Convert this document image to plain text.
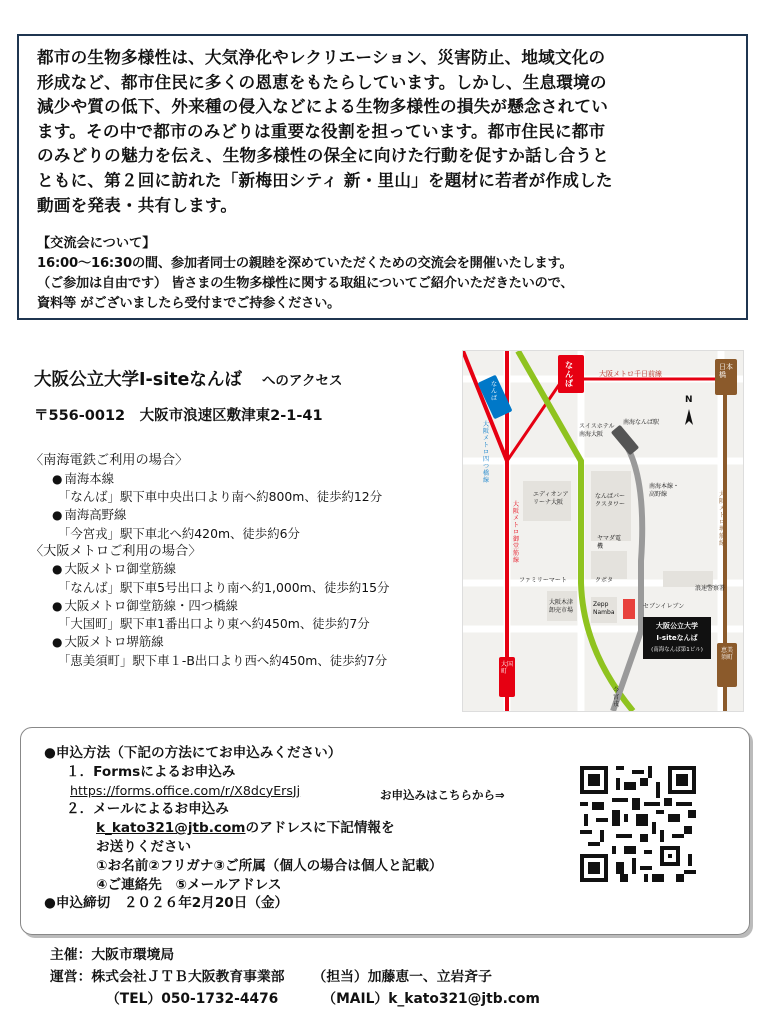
都市の生物多様性は、大気浄化やレクリエーション、災害防止、地域文化の

形成など、都市住民に多くの恩恵をもたらしています。しかし、生息環境の

減少や質の低下、外来種の侵入などによる生物多様性の損失が懸念されてい

ます。その中で都市のみどりは重要な役割を担っています。都市住民に都市

のみどりの魅力を伝え、生物多様性の保全に向けた行動を促すか話し合うと

ともに、第２回に訪れた「新梅田シティ 新・里山」を題材に若者が作成した

動画を発表・共有します。

【交流会について】
16:00～16:30の間、参加者同士の親睦を深めていただくための交流会を開催いたします。
（ご参加は自由です） 皆さまの生物多様性に関する取組についてご紹介いただきたいので、
資料等 がございましたら受付までご持参ください。
大阪公立大学I-siteなんば へのアクセス
〒556-0012　大阪市浪速区敷津東2-1-41
〈南海電鉄ご利用の場合〉
● 南海本線
「なんば」駅下車中央出口より南へ約800m、徒歩約12分
● 南海高野線
「今宮戎」駅下車北へ約420m、徒歩約6分
〈大阪メトロご利用の場合〉
● 大阪メトロ御堂筋線
「なんば」駅下車5号出口より南へ約1,000m、徒歩約15分
● 大阪メトロ御堂筋線・四つ橋線
「大国町」駅下車1番出口より東へ約450m、徒歩約7分
● 大阪メトロ堺筋線
「恵美須町」駅下車１-B出口より西へ約450m、徒歩約7分
なんば
大阪メトロ千日前線
日本橋
なんば
大阪メトロ四つ橋線
大阪メトロ御堂筋線
スイスホテル南海大阪
南海なんば駅
エディオンアリーナ大阪
なんばパークスタワー
南海本線・高野線
ヤマダ電機
大阪メトロ堺筋線
ファミリーマート	クボタ
浪速警察署
大阪木津卸売市場
Zepp Namba
セブンイレブン
大阪公立大学
I-siteなんば
(南海なんば第1ビル)
大国町
今宮戎
恵美須町
N
●申込方法（下記の方法にてお申込みください）
１．Formsによるお申込み
https://forms.office.com/r/X8dcyErsJj
２．メールによるお申込み
k_kato321@jtb.comのアドレスに下記情報を
お送りください
①お名前②フリガナ③ご所属（個人の場合は個人と記載）
④ご連絡先　⑤メールアドレス
●申込締切　２０２６年2月20日（金）
お申込みはこちらから⇒
主催：大阪市環境局
運営：株式会社ＪＴＢ大阪教育事業部 （担当）加藤恵一、立岩斉子
（TEL）050-1732-4476	（MAIL）k_kato321@jtb.com
